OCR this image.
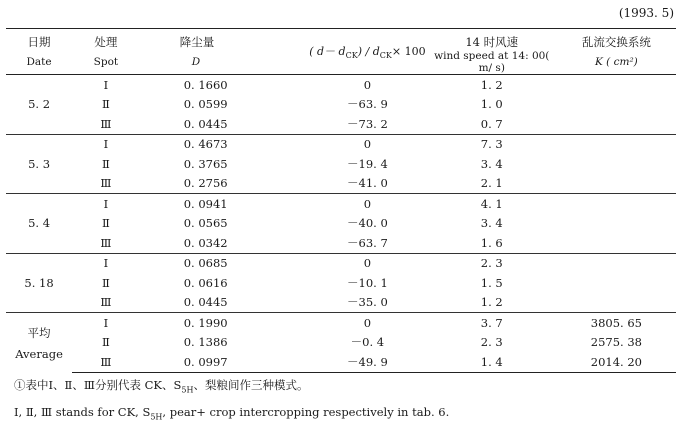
(1993. 5)
日期	处理	降尘量	( $d- d_{CK}) / d_{CK}\times 100$	14 时风速	乱流交换系统
Date	Spot	D		wind speed at 14: 00( m/ s)	K ( cm²)

5. 2	Ⅰ	0. 1660	0	1. 2	
	Ⅱ	0. 0599	－63. 9	1. 0	
	Ⅲ	0. 0445	－73. 2	0. 7	

5. 3	Ⅰ	0. 4673	0	7. 3	
	Ⅱ	0. 3765	－19. 4	3. 4	
	Ⅲ	0. 2756	－41. 0	2. 1	

5. 4	Ⅰ	0. 0941	0	4. 1	
	Ⅱ	0. 0565	－40. 0	3. 4	
	Ⅲ	0. 0342	－63. 7	1. 6	

5. 18	Ⅰ	0. 0685	0	2. 3	
	Ⅱ	0. 0616	－10. 1	1. 5	
	Ⅲ	0. 0445	－35. 0	1. 2	

平均
Average	Ⅰ	0. 1990	0	3. 7	3805. 65
	Ⅱ	0. 1386	－0. 4	2. 3	2575. 38
	Ⅲ	0. 0997	－49. 9	1. 4	2014. 20
①表中Ⅰ、Ⅱ、Ⅲ分别代表 CK、$S_{5H}$、梨粮间作三种模式。
Ⅰ, Ⅱ, Ⅲ stands for CK, $S_{5H}$, pear+ crop intercropping respectively in tab. 6.
